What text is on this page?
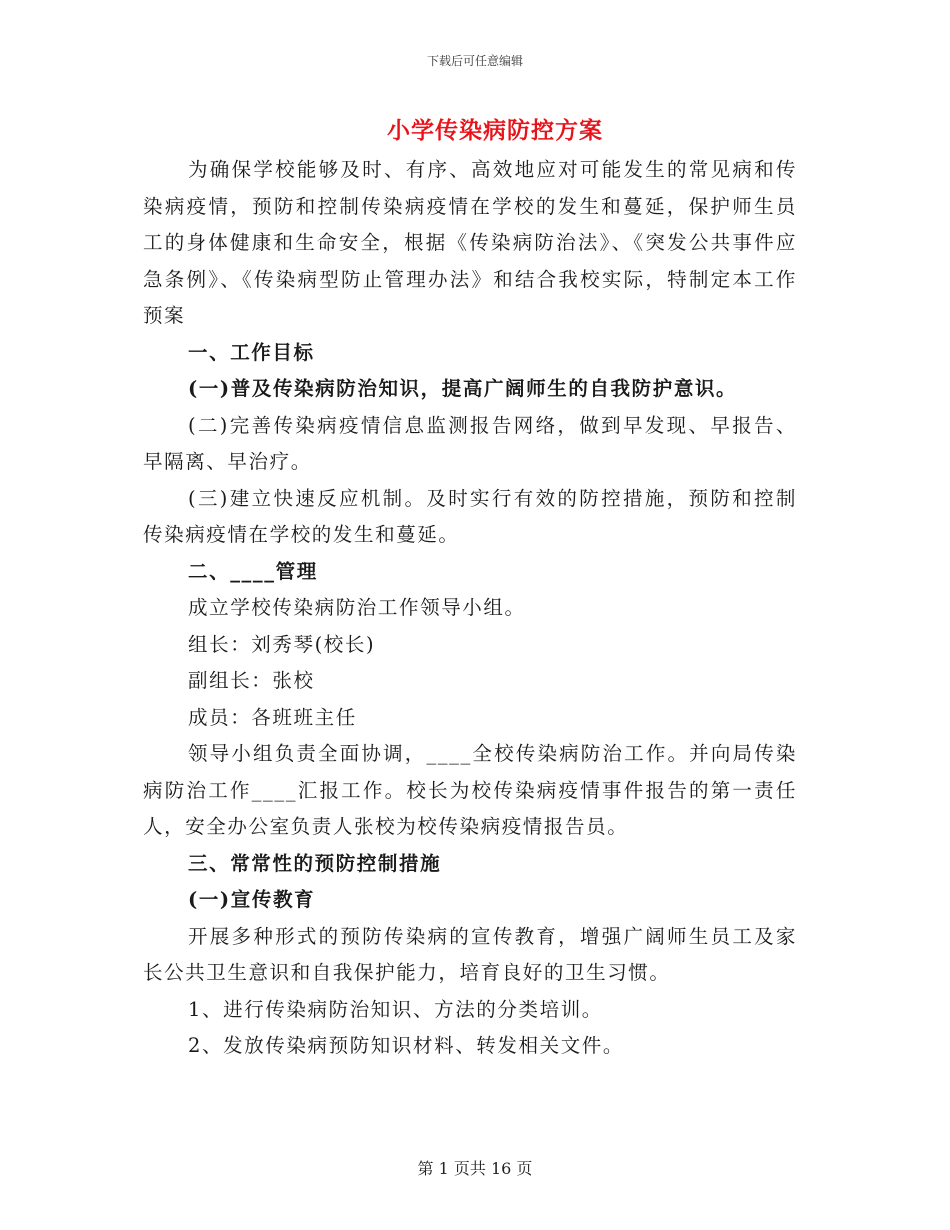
下载后可任意编辑
小学传染病防控方案

为确保学校能够及时、有序、高效地应对可能发生的常见病和传染病疫情，预防和控制传染病疫情在学校的发生和蔓延，保护师生员工的身体健康和生命安全，根据《传染病防治法》、《突发公共事件应急条例》、《传染病型防止管理办法》和结合我校实际，特制定本工作预案

一、工作目标

(一)普及传染病防治知识，提高广阔师生的自我防护意识。

(二)完善传染病疫情信息监测报告网络，做到早发现、早报告、早隔离、早治疗。

(三)建立快速反应机制。及时实行有效的防控措施，预防和控制传染病疫情在学校的发生和蔓延。

二、____管理

成立学校传染病防治工作领导小组。

组长：刘秀琴(校长)

副组长：张校

成员：各班班主任

领导小组负责全面协调，____全校传染病防治工作。并向局传染病防治工作____汇报工作。校长为校传染病疫情事件报告的第一责任人，安全办公室负责人张校为校传染病疫情报告员。

三、常常性的预防控制措施

(一)宣传教育

开展多种形式的预防传染病的宣传教育，增强广阔师生员工及家长公共卫生意识和自我保护能力，培育良好的卫生习惯。

1、进行传染病防治知识、方法的分类培训。

2、发放传染病预防知识材料、转发相关文件。

第 1 页共 16 页
